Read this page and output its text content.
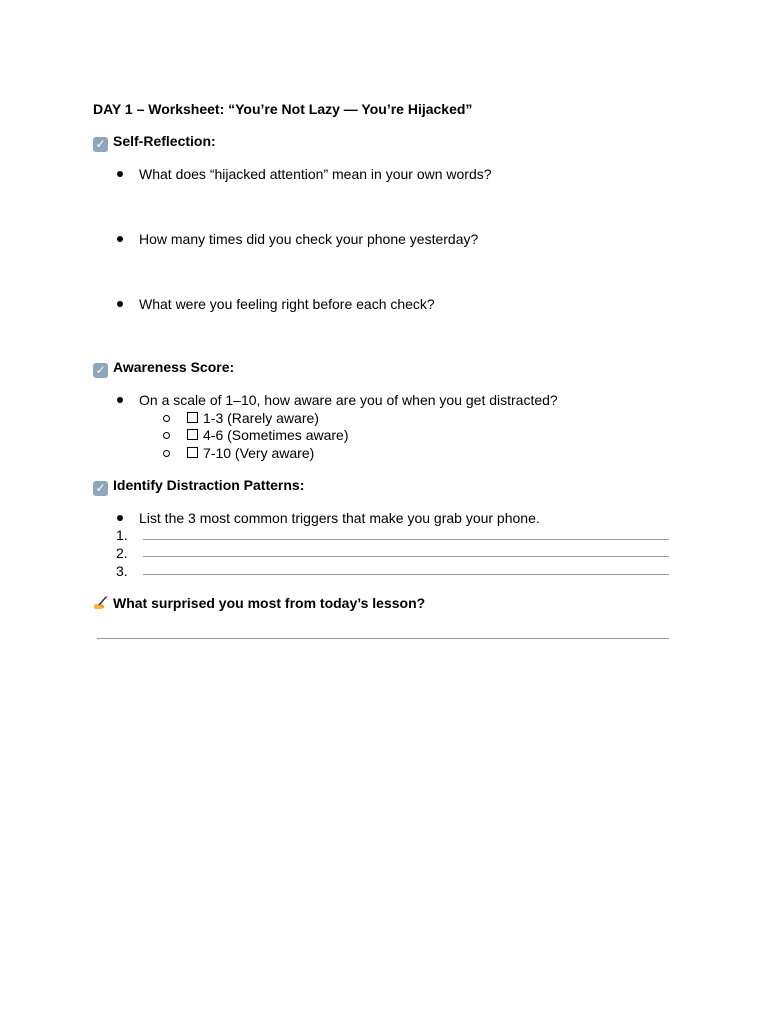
DAY 1 – Worksheet: “You’re Not Lazy — You’re Hijacked”
✓ Self-Reflection:
What does “hijacked attention” mean in your own words?
How many times did you check your phone yesterday?
What were you feeling right before each check?
✓ Awareness Score:
On a scale of 1–10, how aware are you of when you get distracted?
1-3 (Rarely aware)
4-6 (Sometimes aware)
7-10 (Very aware)
✓ Identify Distraction Patterns:
List the 3 most common triggers that make you grab your phone.
1.
2.
3.
What surprised you most from today’s lesson?
